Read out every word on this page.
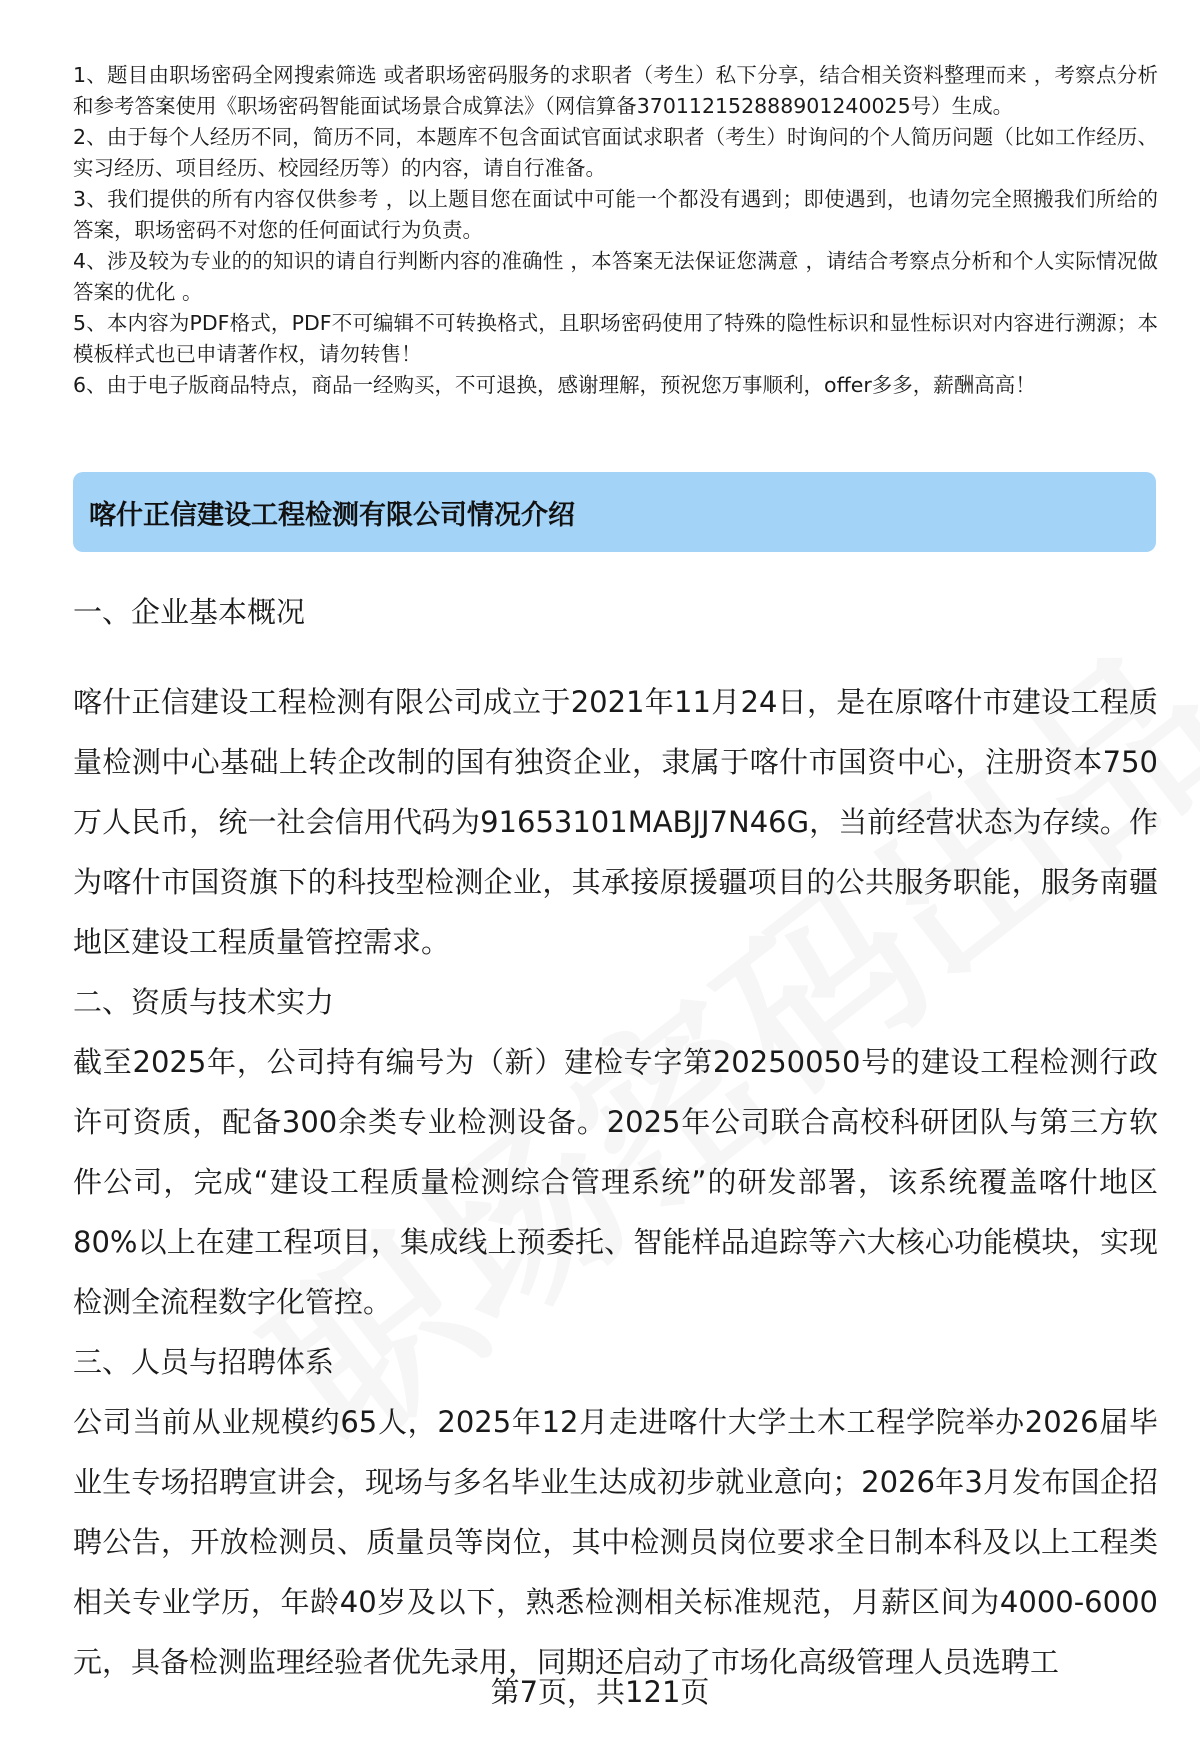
1、题目由职场密码全网搜索筛选 或者职场密码服务的求职者（考生）私下分享，结合相关资料整理而来 ，考察点分析和参考答案使用《职场密码智能面试场景合成算法》（网信算备370112152888901240025号）生成。

2、由于每个人经历不同，简历不同，本题库不包含面试官面试求职者（考生）时询问的个人简历问题（比如工作经历、实习经历、项目经历、校园经历等）的内容，请自行准备。

3、我们提供的所有内容仅供参考 ，以上题目您在面试中可能一个都没有遇到；即使遇到，也请勿完全照搬我们所给的答案，职场密码不对您的任何面试行为负责。

4、涉及较为专业的的知识的请自行判断内容的准确性 ，本答案无法保证您满意 ，请结合考察点分析和个人实际情况做答案的优化 。

5、本内容为PDF格式，PDF不可编辑不可转换格式，且职场密码使用了特殊的隐性标识和显性标识对内容进行溯源；本模板样式也已申请著作权，请勿转售！

6、由于电子版商品特点，商品一经购买，不可退换，感谢理解，预祝您万事顺利，offer多多，薪酬高高！

喀什正信建设工程检测有限公司情况介绍
一、企业基本概况

喀什正信建设工程检测有限公司成立于2021年11月24日，是在原喀什市建设工程质量检测中心基础上转企改制的国有独资企业，隶属于喀什市国资中心，注册资本750万人民币，统一社会信用代码为91653101MABJJ7N46G，当前经营状态为存续。作为喀什市国资旗下的科技型检测企业，其承接原援疆项目的公共服务职能，服务南疆地区建设工程质量管控需求。

二、资质与技术实力

截至2025年，公司持有编号为（新）建检专字第20250050号的建设工程检测行政许可资质，配备300余类专业检测设备。2025年公司联合高校科研团队与第三方软件公司，完成“建设工程质量检测综合管理系统”的研发部署，该系统覆盖喀什地区80%以上在建工程项目，集成线上预委托、智能样品追踪等六大核心功能模块，实现检测全流程数字化管控。

三、人员与招聘体系

公司当前从业规模约65人，2025年12月走进喀什大学土木工程学院举办2026届毕业生专场招聘宣讲会，现场与多名毕业生达成初步就业意向；2026年3月发布国企招聘公告，开放检测员、质量员等岗位，其中检测员岗位要求全日制本科及以上工程类相关专业学历，年龄40岁及以下，熟悉检测相关标准规范，月薪区间为4000-6000元，具备检测监理经验者优先录用，同期还启动了市场化高级管理人员选聘工

第7页，共121页
